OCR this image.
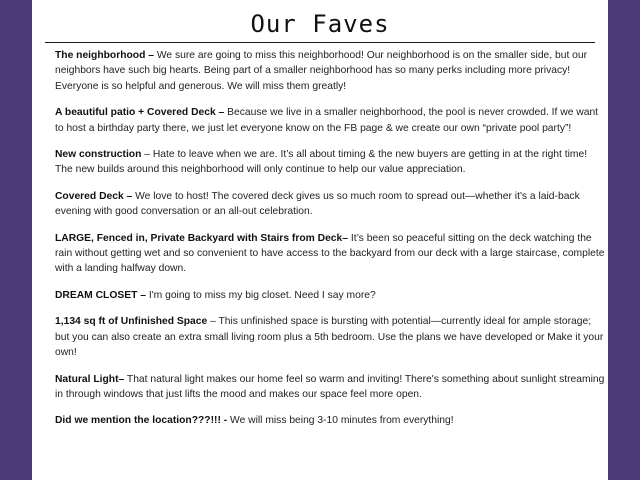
Our Faves

The neighborhood – We sure are going to miss this neighborhood! Our neighborhood is on the smaller side, but our neighbors have such big hearts. Being part of a smaller neighborhood has so many perks including more privacy! Everyone is so helpful and generous. We will miss them greatly!

A beautiful patio + Covered Deck – Because we live in a smaller neighborhood, the pool is never crowded. If we want to host a birthday party there, we just let everyone know on the FB page & we create our own “private pool party”!

New construction – Hate to leave when we are. It’s all about timing & the new buyers are getting in at the right time! The new builds around this neighborhood will only continue to help our value appreciation.

Covered Deck – We love to host! The covered deck gives us so much room to spread out—whether it's a laid-back evening with good conversation or an all-out celebration.

LARGE, Fenced in, Private Backyard with Stairs from Deck– It’s been so peaceful sitting on the deck watching the rain without getting wet and so convenient to have access to the backyard from our deck with a large staircase, complete with a landing halfway down.

DREAM CLOSET – I'm going to miss my big closet. Need I say more?

1,134 sq ft of Unfinished Space – This unfinished space is bursting with potential—currently ideal for ample storage; but you can also create an extra small living room plus a 5th bedroom. Use the plans we have developed or Make it your own!

Natural Light– That natural light makes our home feel so warm and inviting! There's something about sunlight streaming in through windows that just lifts the mood and makes our space feel more open.

Did we mention the location???!!! - We will miss being 3-10 minutes from everything!
